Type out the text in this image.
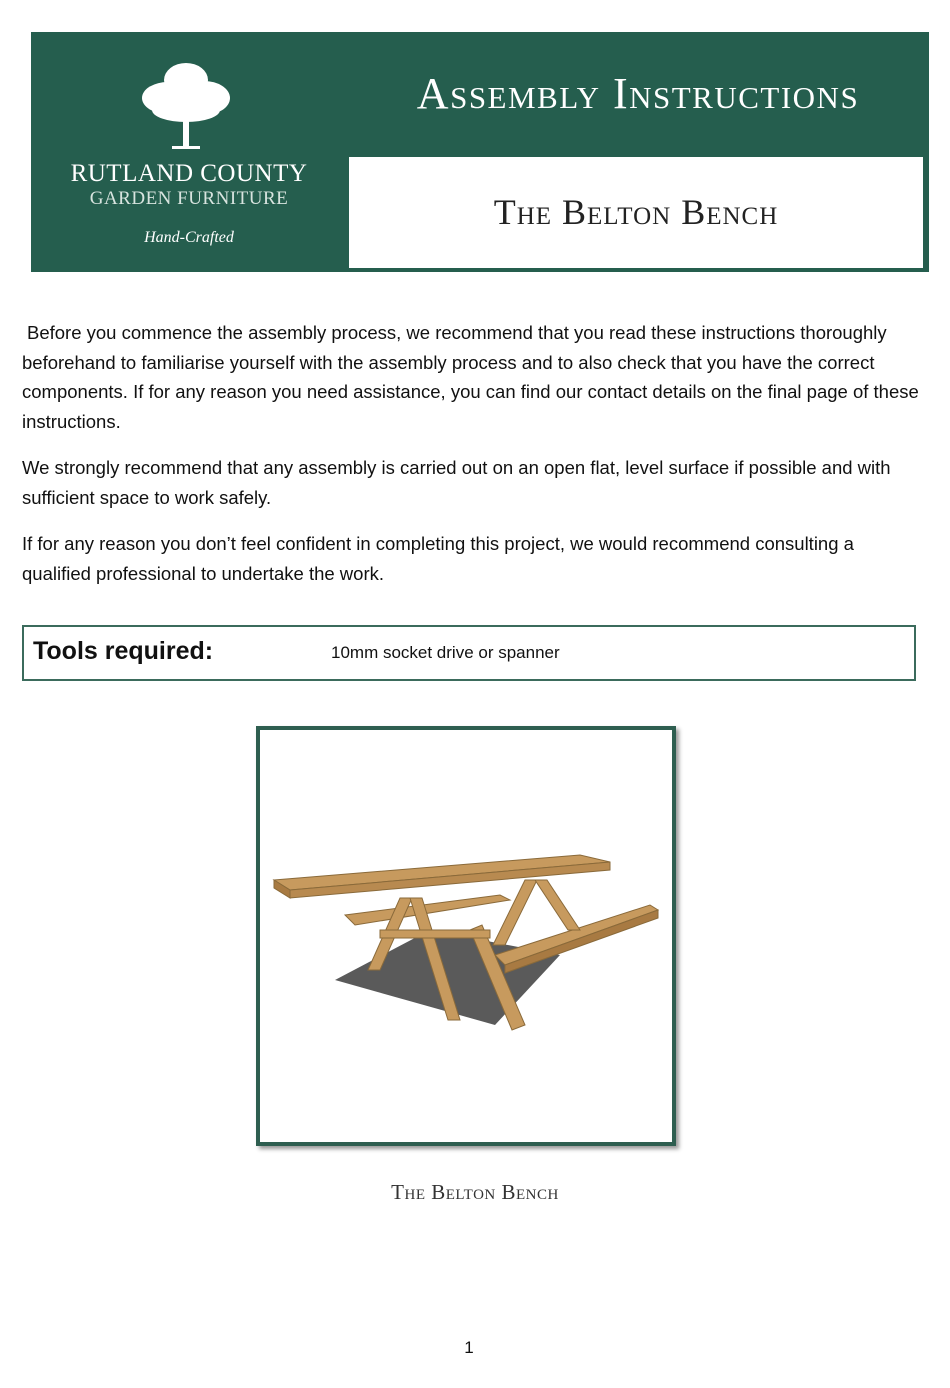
RUTLAND COUNTY
GARDEN FURNITURE
Hand-Crafted
Assembly Instructions
The Belton Bench

Before you commence the assembly process, we recommend that you read these instructions thoroughly beforehand to familiarise yourself with the assembly process and to also check that you have the correct components. If for any reason you need assistance, you can find our contact details on the final page of these instructions.

We strongly recommend that any assembly is carried out on an open flat, level surface if possible and with sufficient space to work safely.

If for any reason you don’t feel confident in completing this project, we would recommend consulting a qualified professional to undertake the work.

Tools required:	10mm socket drive or spanner
The Belton Bench
1
